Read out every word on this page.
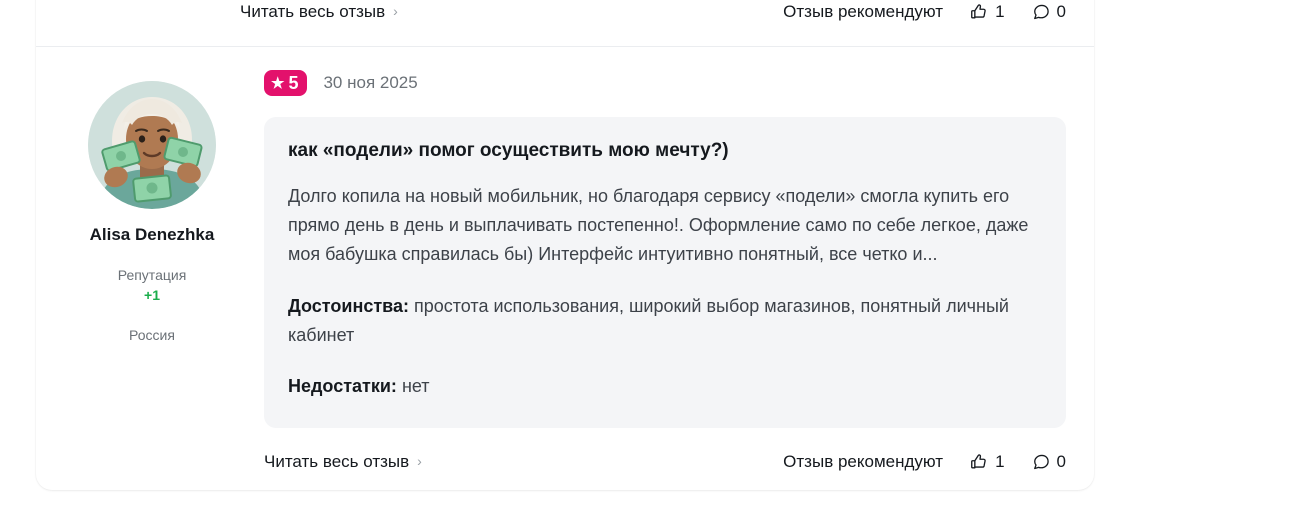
Читать весь отзыв ›	Отзыв рекомендуют	1	0
Alisa Denezhka
Репутация
+1
Россия
★ 5 30 ноя 2025
как «подели» помог осуществить мою мечту?)

Долго копила на новый мобильник, но благодаря сервису «подели» смогла купить его прямо день в день и выплачивать постепенно!. Оформление само по себе легкое, даже моя бабушка справилась бы) Интерфейс интуитивно понятный, все четко и...

Достоинства: простота использования, широкий выбор магазинов, понятный личный кабинет
Недостатки: нет
Читать весь отзыв ›	Отзыв рекомендуют	1	0
